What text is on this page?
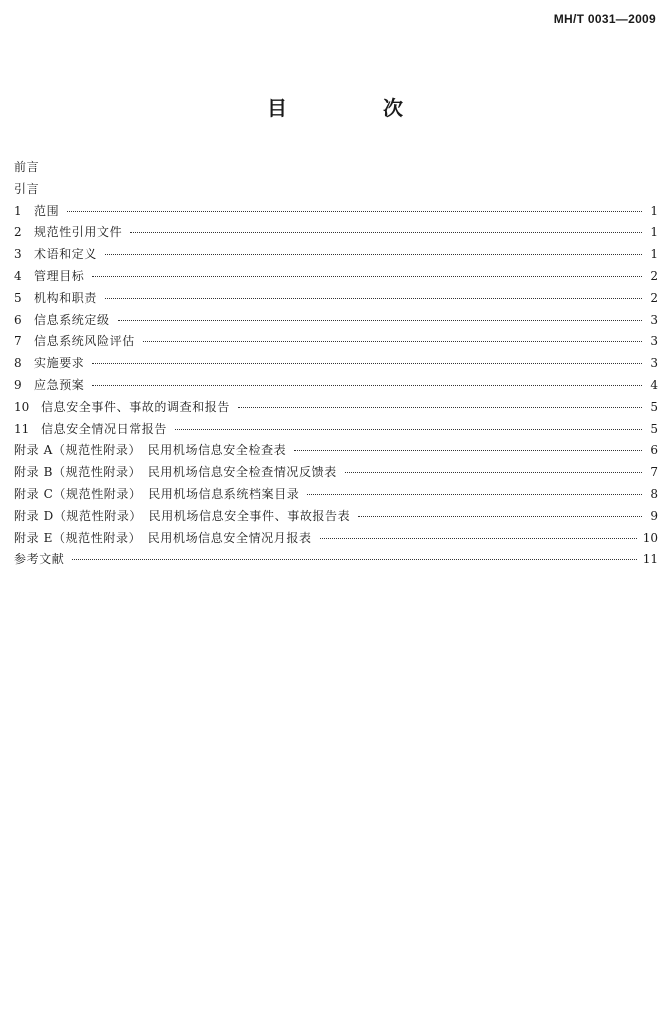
MH/T 0031—2009
目　次
前言
引言
1	范围	1
2	规范性引用文件	1
3	术语和定义	1
4	管理目标	2
5	机构和职责	2
6	信息系统定级	3
7	信息系统风险评估	3
8	实施要求	3
9	应急预案	4
10 信息安全事件、事故的调查和报告	5
11 信息安全情况日常报告	5
附录 A（规范性附录）　民用机场信息安全检查表	6
附录 B（规范性附录）　民用机场信息安全检查情况反馈表	7
附录 C（规范性附录）　民用机场信息系统档案目录	8
附录 D（规范性附录）　民用机场信息安全事件、事故报告表	9
附录 E（规范性附录）　民用机场信息安全情况月报表	10
参考文献	11
